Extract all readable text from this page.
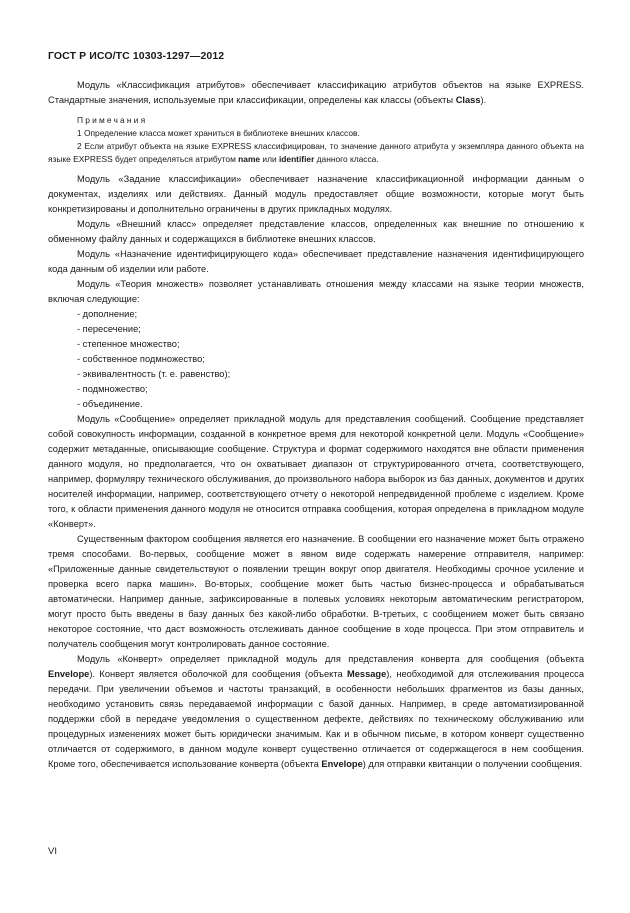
ГОСТ Р ИСО/ТС 10303-1297—2012

Модуль «Классификация атрибутов» обеспечивает классификацию атрибутов объектов на языке EXPRESS. Стандартные значения, используемые при классификации, определены как классы (объекты Class).

Примечания

1 Определение класса может храниться в библиотеке внешних классов.

2 Если атрибут объекта на языке EXPRESS классифицирован, то значение данного атрибута у экземпляра данного объекта на языке EXPRESS будет определяться атрибутом name или identifier данного класса.

Модуль «Задание классификации» обеспечивает назначение классификационной информации данным о документах, изделиях или действиях. Данный модуль предоставляет общие возможности, которые могут быть конкретизированы и дополнительно ограничены в других прикладных модулях.

Модуль «Внешний класс» определяет представление классов, определенных как внешние по отношению к обменному файлу данных и содержащихся в библиотеке внешних классов.

Модуль «Назначение идентифицирующего кода» обеспечивает представление назначения идентифицирующего кода данным об изделии или работе.

Модуль «Теория множеств» позволяет устанавливать отношения между классами на языке теории множеств, включая следующие:

- дополнение;
- пересечение;
- степенное множество;
- собственное подмножество;
- эквивалентность (т. е. равенство);
- подмножество;
- объединение.

Модуль «Сообщение» определяет прикладной модуль для представления сообщений. Сообщение представляет собой совокупность информации, созданной в конкретное время для некоторой конкретной цели. Модуль «Сообщение» содержит метаданные, описывающие сообщение. Структура и формат содержимого находятся вне области применения данного модуля, но предполагается, что он охватывает диапазон от структурированного отчета, соответствующего, например, формуляру технического обслуживания, до произвольного набора выборок из баз данных, документов и других носителей информации, например, соответствующего отчету о некоторой непредвиденной проблеме с изделием. Кроме того, к области применения данного модуля не относится отправка сообщения, которая определена в прикладном модуле «Конверт».

Существенным фактором сообщения является его назначение. В сообщении его назначение может быть отражено тремя способами. Во-первых, сообщение может в явном виде содержать намерение отправителя, например: «Приложенные данные свидетельствуют о появлении трещин вокруг опор двигателя. Необходимы срочное усиление и проверка всего парка машин». Во-вторых, сообщение может быть частью бизнес-процесса и обрабатываться автоматически. Например данные, зафиксированные в полевых условиях некоторым автоматическим регистратором, могут просто быть введены в базу данных без какой-либо обработки. В-третьих, с сообщением может быть связано некоторое состояние, что даст возможность отслеживать данное сообщение в ходе процесса. При этом отправитель и получатель сообщения могут контролировать данное состояние.

Модуль «Конверт» определяет прикладной модуль для представления конверта для сообщения (объекта Envelope). Конверт является оболочкой для сообщения (объекта Message), необходимой для отслеживания процесса передачи. При увеличении объемов и частоты транзакций, в особенности небольших фрагментов из базы данных, необходимо установить связь передаваемой информации с базой данных. Например, в среде автоматизированной поддержки сбой в передаче уведомления о существенном дефекте, действиях по техническому обслуживанию или процедурных изменениях может быть юридически значимым. Как и в обычном письме, в котором конверт существенно отличается от содержимого, в данном модуле конверт существенно отличается от содержащегося в нем сообщения. Кроме того, обеспечивается использование конверта (объекта Envelope) для отправки квитанции о получении сообщения.

VI
